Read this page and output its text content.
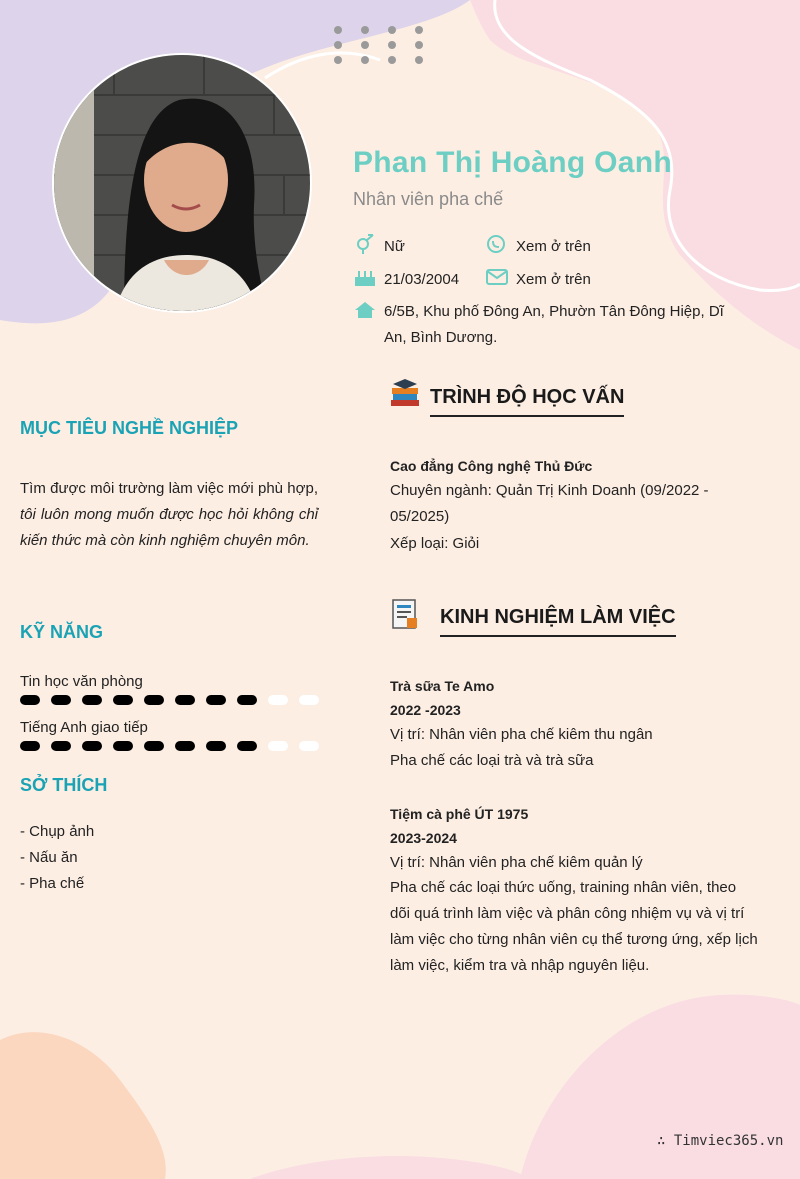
Phan Thị Hoàng Oanh
Nhân viên pha chế
Nữ	Xem ở trên
21/03/2004	Xem ở trên
6/5B, Khu phố Đông An, Phườn Tân Đông Hiệp, Dĩ An, Bình Dương.
MỤC TIÊU NGHỀ NGHIỆP
Tìm được môi trường làm việc mới phù hợp, tôi luôn mong muốn được học hỏi không chỉ kiến thức mà còn kinh nghiệm chuyên môn.
KỸ NĂNG
Tin học văn phòng
Tiếng Anh giao tiếp
SỞ THÍCH
- Chụp ảnh
- Nấu ăn
- Pha chế
TRÌNH ĐỘ HỌC VẤN
Cao đẳng Công nghệ Thủ Đức
Chuyên ngành: Quản Trị Kinh Doanh (09/2022 - 05/2025)
Xếp loại: Giỏi
KINH NGHIỆM LÀM VIỆC
Trà sữa Te Amo
2022 -2023
Vị trí: Nhân viên pha chế kiêm thu ngân
Pha chế các loại trà và trà sữa
Tiệm cà phê ÚT 1975
2023-2024
Vị trí: Nhân viên pha chế kiêm quản lý
Pha chế các loại thức uống, training nhân viên, theo dõi quá trình làm việc và phân công nhiệm vụ và vị trí làm việc cho từng nhân viên cụ thể tương ứng, xếp lịch làm việc, kiểm tra và nhập nguyên liệu.
∴ Timviec365.vn
